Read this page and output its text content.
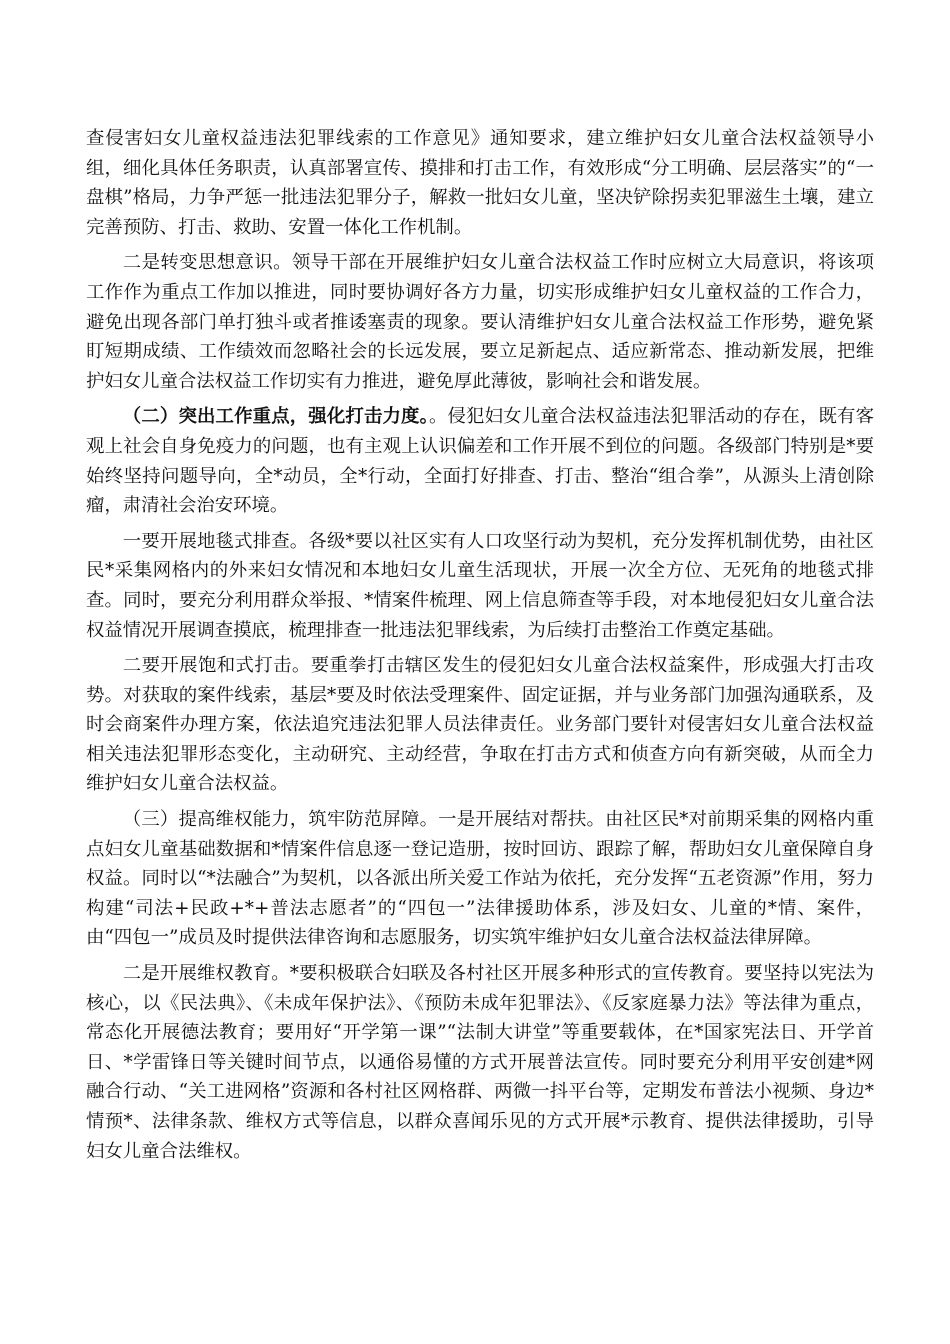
查侵害妇女儿童权益违法犯罪线索的工作意见》通知要求，建立维护妇女儿童合法权益领导小组，细化具体任务职责，认真部署宣传、摸排和打击工作，有效形成“分工明确、层层落实”的“一盘棋”格局，力争严惩一批违法犯罪分子，解救一批妇女儿童，坚决铲除拐卖犯罪滋生土壤，建立完善预防、打击、救助、安置一体化工作机制。

二是转变思想意识。领导干部在开展维护妇女儿童合法权益工作时应树立大局意识，将该项工作作为重点工作加以推进，同时要协调好各方力量，切实形成维护妇女儿童权益的工作合力，避免出现各部门单打独斗或者推诿塞责的现象。要认清维护妇女儿童合法权益工作形势，避免紧盯短期成绩、工作绩效而忽略社会的长远发展，要立足新起点、适应新常态、推动新发展，把维护妇女儿童合法权益工作切实有力推进，避免厚此薄彼，影响社会和谐发展。

（二）突出工作重点，强化打击力度。。侵犯妇女儿童合法权益违法犯罪活动的存在，既有客观上社会自身免疫力的问题，也有主观上认识偏差和工作开展不到位的问题。各级部门特别是*要始终坚持问题导向，全*动员，全*行动，全面打好排查、打击、整治“组合拳”，从源头上清创除瘤，肃清社会治安环境。

一要开展地毯式排查。各级*要以社区实有人口攻坚行动为契机，充分发挥机制优势，由社区民*采集网格内的外来妇女情况和本地妇女儿童生活现状，开展一次全方位、无死角的地毯式排查。同时，要充分利用群众举报、*情案件梳理、网上信息筛查等手段，对本地侵犯妇女儿童合法权益情况开展调查摸底，梳理排查一批违法犯罪线索，为后续打击整治工作奠定基础。

二要开展饱和式打击。要重拳打击辖区发生的侵犯妇女儿童合法权益案件，形成强大打击攻势。对获取的案件线索，基层*要及时依法受理案件、固定证据，并与业务部门加强沟通联系，及时会商案件办理方案，依法追究违法犯罪人员法律责任。业务部门要针对侵害妇女儿童合法权益相关违法犯罪形态变化，主动研究、主动经营，争取在打击方式和侦查方向有新突破，从而全力维护妇女儿童合法权益。

（三）提高维权能力，筑牢防范屏障。一是开展结对帮扶。由社区民*对前期采集的网格内重点妇女儿童基础数据和*情案件信息逐一登记造册，按时回访、跟踪了解，帮助妇女儿童保障自身权益。同时以“*法融合”为契机，以各派出所关爱工作站为依托，充分发挥“五老资源”作用，努力构建“司法+民政+*+普法志愿者”的“四包一”法律援助体系，涉及妇女、儿童的*情、案件，由“四包一”成员及时提供法律咨询和志愿服务，切实筑牢维护妇女儿童合法权益法律屏障。

二是开展维权教育。*要积极联合妇联及各村社区开展多种形式的宣传教育。要坚持以宪法为核心，以《民法典》、《未成年保护法》、《预防未成年犯罪法》、《反家庭暴力法》等法律为重点，常态化开展德法教育；要用好“开学第一课”“法制大讲堂”等重要载体，在*国家宪法日、开学首日、*学雷锋日等关键时间节点，以通俗易懂的方式开展普法宣传。同时要充分利用平安创建*网融合行动、“关工进网格”资源和各村社区网格群、两微一抖平台等，定期发布普法小视频、身边*情预*、法律条款、维权方式等信息，以群众喜闻乐见的方式开展*示教育、提供法律援助，引导妇女儿童合法维权。
